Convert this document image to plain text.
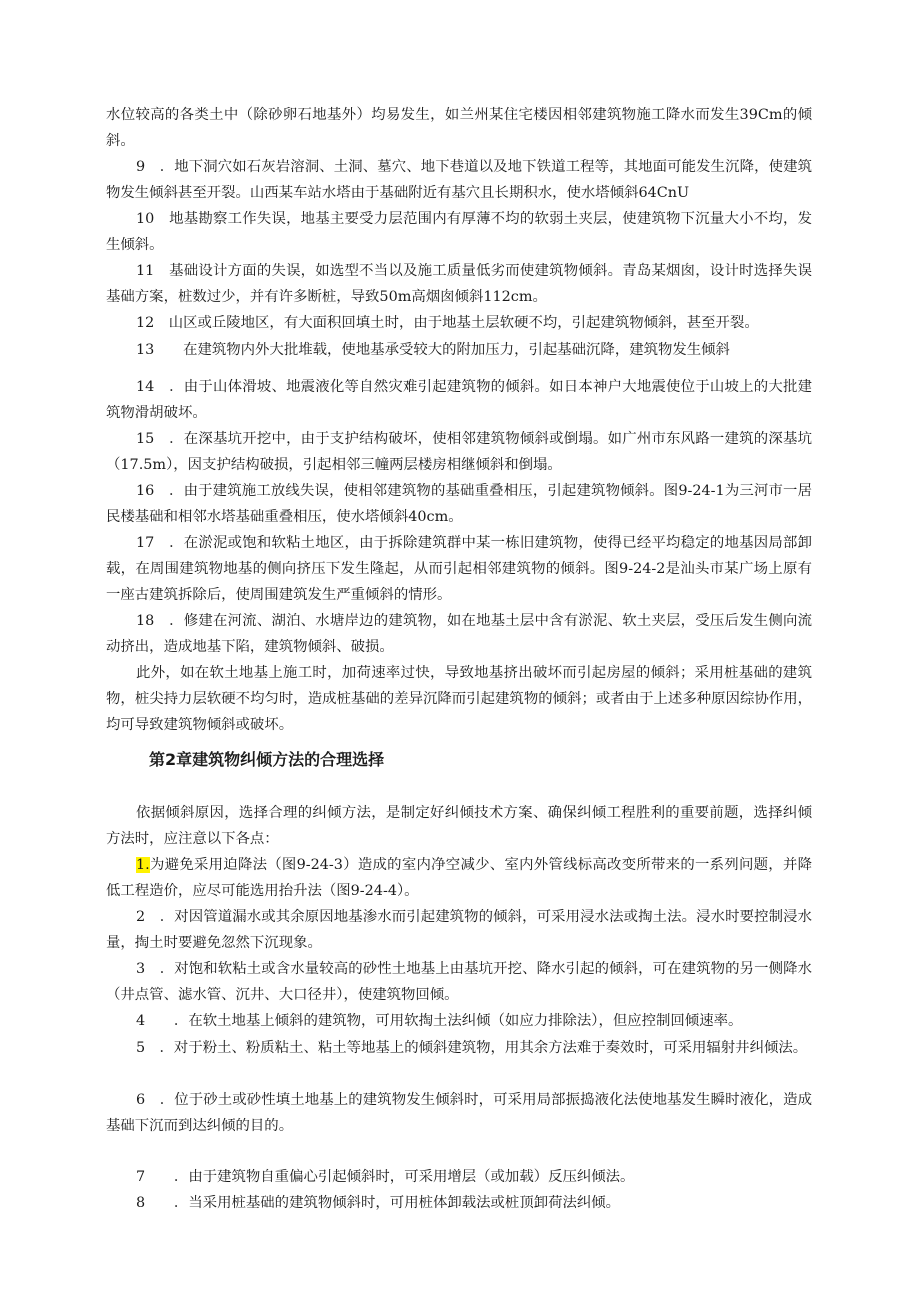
水位较高的各类土中（除砂卵石地基外）均易发生，如兰州某住宅楼因相邻建筑物施工降水而发生39Cm的倾斜。

9　．地下洞穴如石灰岩溶洞、土洞、墓穴、地下巷道以及地下铁道工程等，其地面可能发生沉降，使建筑物发生倾斜甚至开裂。山西某车站水塔由于基础附近有基穴且长期积水，使水塔倾斜64CnU

10　地基勘察工作失误，地基主要受力层范围内有厚薄不均的软弱土夹层，使建筑物下沉量大小不均，发生倾斜。

11　基础设计方面的失误，如选型不当以及施工质量低劣而使建筑物倾斜。青岛某烟囱，设计时选择失误基础方案，桩数过少，并有许多断桩，导致50m高烟囱倾斜112cm。

12　山区或丘陵地区，有大面积回填土时，由于地基土层软硬不均，引起建筑物倾斜，甚至开裂。

13　　在建筑物内外大批堆载，使地基承受较大的附加压力，引起基础沉降，建筑物发生倾斜

14　．由于山体滑坡、地震液化等自然灾难引起建筑物的倾斜。如日本神户大地震使位于山坡上的大批建筑物滑胡破坏。

15　．在深基坑开挖中，由于支护结构破坏，使相邻建筑物倾斜或倒塌。如广州市东风路一建筑的深基坑（17.5m），因支护结构破损，引起相邻三幢两层楼房相继倾斜和倒塌。

16　．由于建筑施工放线失误，使相邻建筑物的基础重叠相压，引起建筑物倾斜。图9-24-1为三河市一居民楼基础和相邻水塔基础重叠相压，使水塔倾斜40cm。

17　．在淤泥或饱和软粘土地区，由于拆除建筑群中某一栋旧建筑物，使得已经平均稳定的地基因局部卸载，在周围建筑物地基的侧向挤压下发生隆起，从而引起相邻建筑物的倾斜。图9-24-2是汕头市某广场上原有一座古建筑拆除后，使周围建筑发生严重倾斜的情形。

18　．修建在河流、湖泊、水塘岸边的建筑物，如在地基土层中含有淤泥、软土夹层，受压后发生侧向流动挤出，造成地基下陷，建筑物倾斜、破损。

此外，如在软土地基上施工时，加荷速率过快，导致地基挤出破坏而引起房屋的倾斜；采用桩基础的建筑物，桩尖持力层软硬不均匀时，造成桩基础的差异沉降而引起建筑物的倾斜；或者由于上述多种原因综协作用，均可导致建筑物倾斜或破坏。

第2章建筑物纠倾方法的合理选择

依据倾斜原因，选择合理的纠倾方法，是制定好纠倾技术方案、确保纠倾工程胜利的重要前题，选择纠倾方法时，应注意以下各点：

1.为避免采用迫降法（图9-24-3）造成的室内净空减少、室内外管线标高改变所带来的一系列问题，并降低工程造价，应尽可能选用抬升法（图9-24-4）。

2　．对因管道漏水或其余原因地基渗水而引起建筑物的倾斜，可采用浸水法或掏土法。浸水时要控制浸水量，掏土时要避免忽然下沉现象。

3　．对饱和软粘土或含水量较高的砂性土地基上由基坑开挖、降水引起的倾斜，可在建筑物的另一侧降水（井点管、滤水管、沉井、大口径井），使建筑物回倾。

4　　．在软土地基上倾斜的建筑物，可用软掏土法纠倾（如应力排除法），但应控制回倾速率。

5　．对于粉土、粉质粘土、粘土等地基上的倾斜建筑物，用其余方法难于奏效时，可采用辐射井纠倾法。

6　．位于砂土或砂性填土地基上的建筑物发生倾斜时，可采用局部振捣液化法使地基发生瞬时液化，造成基础下沉而到达纠倾的目的。

7　　．由于建筑物自重偏心引起倾斜时，可采用增层（或加载）反压纠倾法。

8　　．当采用桩基础的建筑物倾斜时，可用桩体卸载法或桩顶卸荷法纠倾。
